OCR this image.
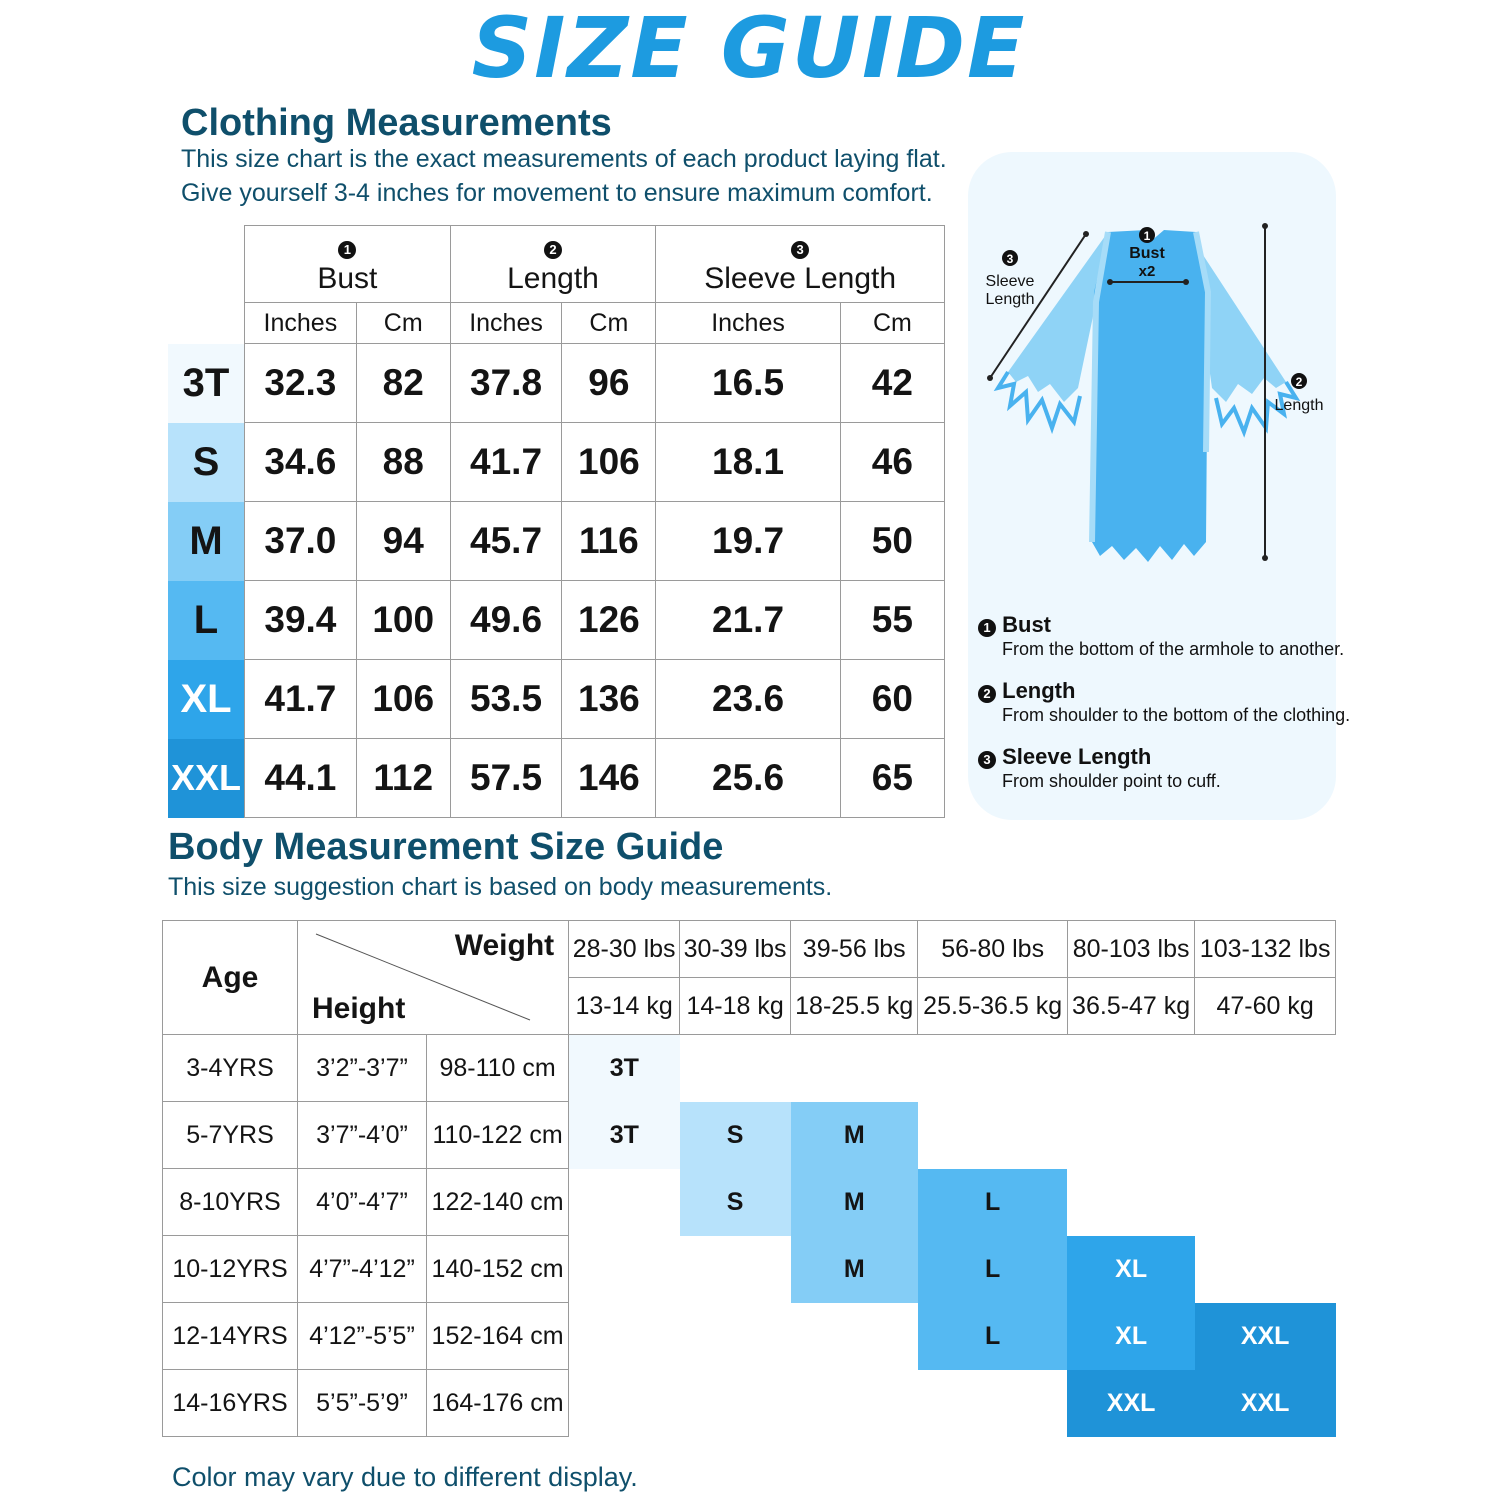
SIZE GUIDE
Clothing Measurements
This size chart is the exact measurements of each product laying flat.
Give yourself 3-4 inches for movement to ensure maximum comfort.
	1
Bust		2
Length		3
Sleeve Length	
	Inches	Cm	Inches	Cm	Inches	Cm
3T	32.3	82	37.8	96	16.5	42
S	34.6	88	41.7	106	18.1	46
M	37.0	94	45.7	116	19.7	50
L	39.4	100	49.6	126	21.7	55
XL	41.7	106	53.5	136	23.6	60
XXL	44.1	112	57.5	146	25.6	65
1
Bust
x2
3
Sleeve
Length
2
Length
1 Bust
From the bottom of the armhole to another.
2 Length
From shoulder to the bottom of the clothing.
3 Sleeve Length
From shoulder point to cuff.
Body Measurement Size Guide
This size suggestion chart is based on body measurements.
Age	Weight
Height		28-30 lbs	30-39 lbs	39-56 lbs	56-80 lbs	80-103 lbs	103-132 lbs
			13-14 kg	14-18 kg	18-25.5 kg	25.5-36.5 kg	36.5-47 kg	47-60 kg
3-4YRS	3’2”-3’7”	98-110 cm	3T					
5-7YRS	3’7”-4’0”	110-122 cm	3T	S	M			
8-10YRS	4’0”-4’7”	122-140 cm		S	M	L		
10-12YRS	4’7”-4’12”	140-152 cm			M	L	XL	
12-14YRS	4’12”-5’5”	152-164 cm				L	XL	XXL
14-16YRS	5’5”-5’9”	164-176 cm					XXL	XXL
Color may vary due to different display.
